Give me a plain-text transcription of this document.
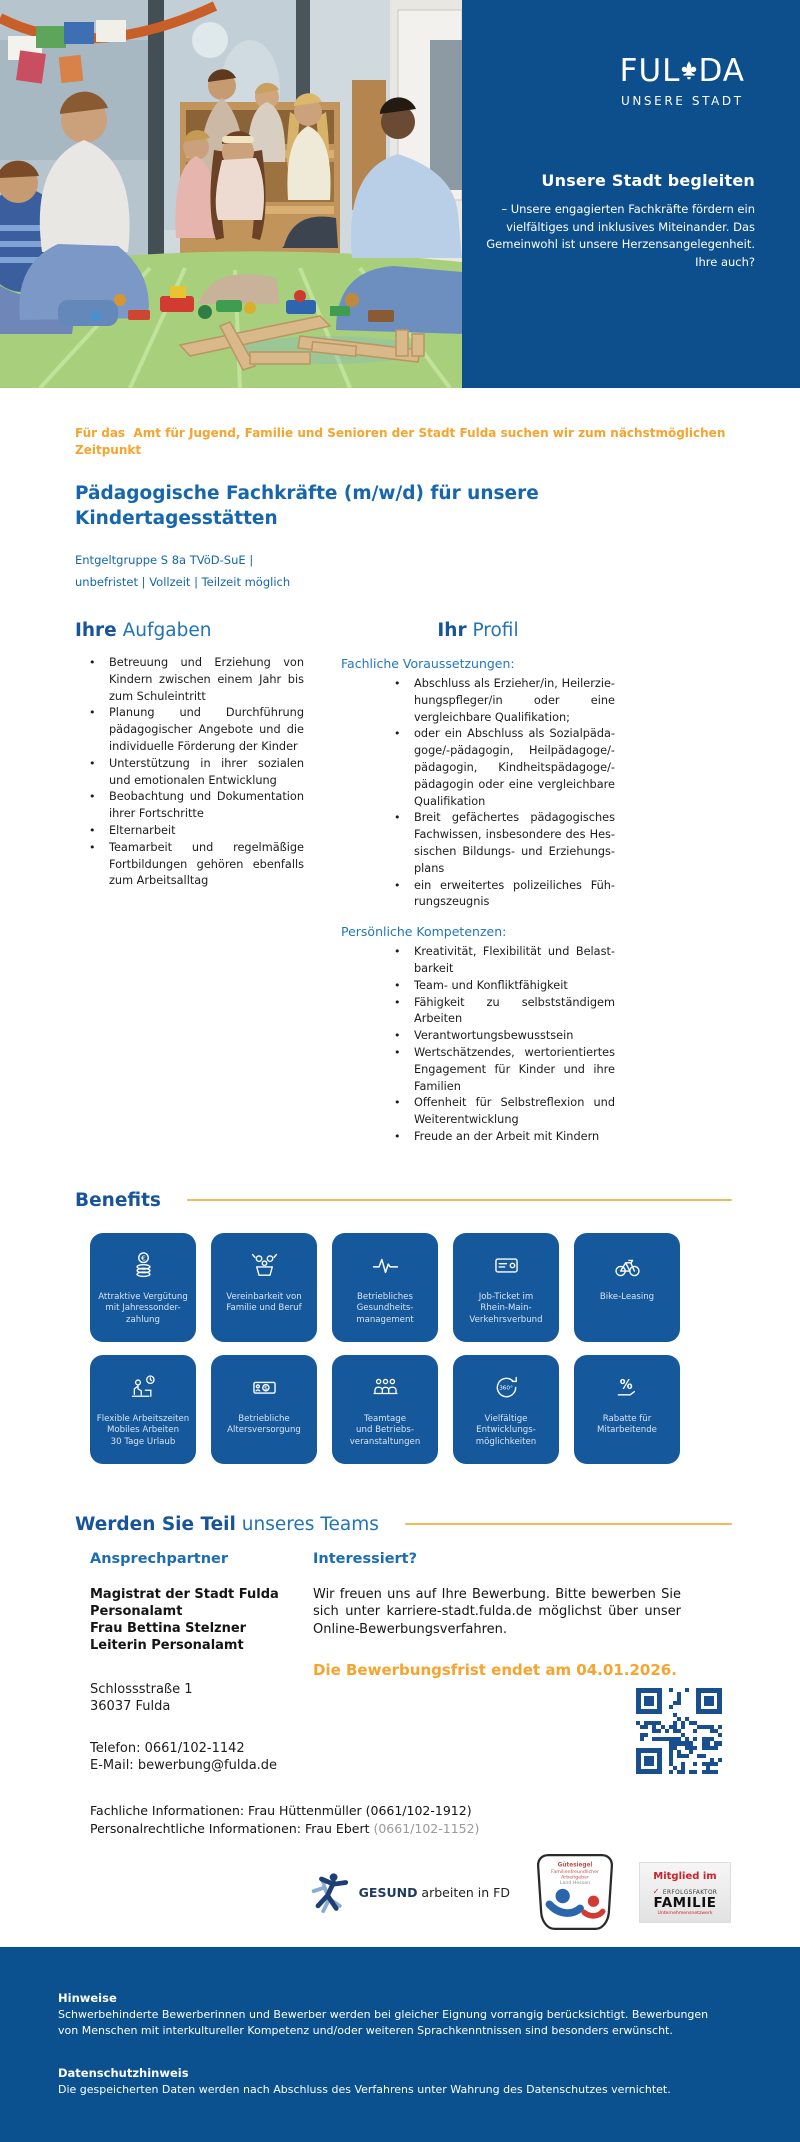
FUL DA
UNSERE STADT
Unsere Stadt begleiten

– Unsere engagierten Fachkräfte fördern ein vielfältiges und inklusives Miteinander. Das Gemeinwohl ist unsere Herzensangelegenheit. Ihre auch?

Für das  Amt für Jugend, Familie und Senioren der Stadt Fulda suchen wir zum nächstmöglichen Zeitpunkt

Pädagogische Fachkräfte (m/w/d) für unsere Kindertagesstätten

Entgeltgruppe S 8a TVöD-SuE |
unbefristet | Vollzeit | Teilzeit möglich

Ihre Aufgaben
• Betreuung und Erziehung von Kindern zwischen einem Jahr bis zum Schuleintritt
• Planung und Durchführung pädagogischer Angebote und die individuelle Förderung der Kinder
• Unterstützung in ihrer sozialen und emotionalen Entwicklung
• Beobachtung und Dokumentation ihrer Fortschritte
• Elternarbeit
• Teamarbeit und regelmäßige Fortbildungen gehören ebenfalls zum Arbeitsalltag
Ihr Profil

Fachliche Voraussetzungen:

• Abschluss als Erzieher/in, Heilerziehungspfleger/in oder eine vergleichbare Qualifikation;
• oder ein Abschluss als Sozialpädagoge/-pädagogin, Heilpädagoge/-pädagogin, Kindheitspädagoge/-pädagogin oder eine vergleichbare Qualifikation
• Breit gefächertes pädagogisches Fachwissen, insbesondere des Hessischen Bildungs- und Erziehungsplans
• ein erweitertes polizeiliches Führungszeugnis

Persönliche Kompetenzen:

• Kreativität, Flexibilität und Belastbarkeit
• Team- und Konfliktfähigkeit
• Fähigkeit zu selbstständigem Arbeiten
• Verantwortungsbewusstsein
• Wertschätzendes, wertorientiertes Engagement für Kinder und ihre Familien
• Offenheit für Selbstreflexion und Weiterentwicklung
• Freude an der Arbeit mit Kindern
Benefits
€
Attraktive Vergütung
mit Jahressonder-
zahlung
Vereinbarkeit von
Familie und Beruf
Betriebliches
Gesundheits-
management
Job-Ticket im
Rhein-Main-
Verkehrsverbund
Bike-Leasing
Flexible Arbeitszeiten
Mobiles Arbeiten
30 Tage Urlaub
$
Betriebliche
Altersversorgung
Teamtage
und Betriebs-
veranstaltungen
360°
Vielfältige
Entwicklungs-
möglichkeiten
%
Rabatte für
Mitarbeitende
Werden Sie Teil unseres Teams
Ansprechpartner
Magistrat der Stadt Fulda
Personalamt
Frau Bettina Stelzner
Leiterin Personalamt
Schlossstraße 1
36037 Fulda
Telefon: 0661/102-1142
E-Mail: bewerbung@fulda.de
Interessiert?

Wir freuen uns auf Ihre Bewerbung. Bitte bewerben Sie sich unter karriere-stadt.fulda.de möglichst über unser Online-Bewerbungsverfahren.

Die Bewerbungsfrist endet am 04.01.2026.
Fachliche Informationen: Frau Hüttenmüller (0661/102-1912)
Personalrechtliche Informationen: Frau Ebert (0661/102-1152)
GESUND arbeiten in FD
Gütesiegel
Familienfreundlicher
Arbeitgeber
Land Hessen
Mitglied im
✓ ERFOLGSFAKTOR
FAMILIE
Unternehmensnetzwerk
Hinweise

Schwerbehinderte Bewerberinnen und Bewerber werden bei gleicher Eignung vorrangig berücksichtigt. Bewerbungen von Menschen mit interkultureller Kompetenz und/oder weiteren Sprachkenntnissen sind besonders erwünscht.

Datenschutzhinweis

Die gespeicherten Daten werden nach Abschluss des Verfahrens unter Wahrung des Datenschutzes vernichtet.
